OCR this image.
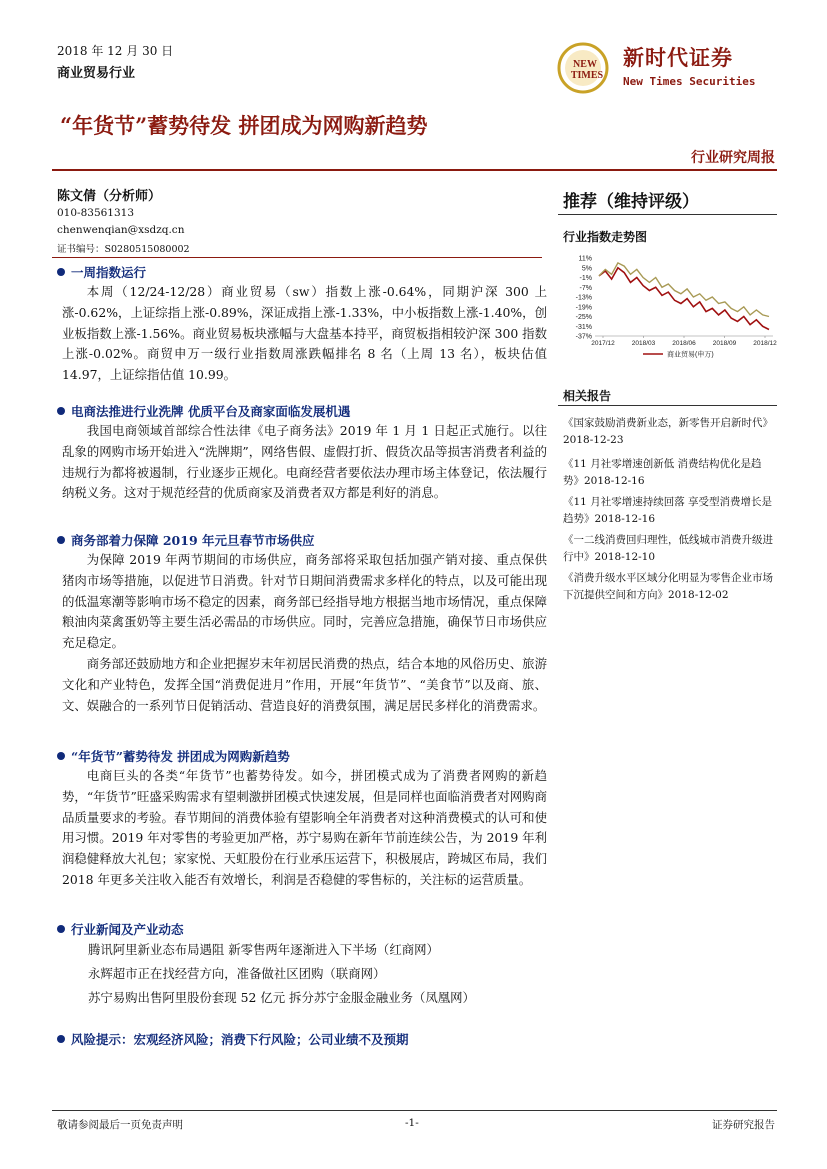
2018 年 12 月 30 日
商业贸易行业
NEW
TIMES
新时代证券
New Times Securities
“年货节”蓄势待发 拼团成为网购新趋势
行业研究周报
陈文倩（分析师）
010-83561313
chenwenqian@xsdzq.cn
证书编号：S0280515080002
一周指数运行

本周（12/24-12/28）商业贸易（sw）指数上涨-0.64%，同期沪深 300 上涨-0.62%，上证综指上涨-0.89%，深证成指上涨-1.33%，中小板指数上涨-1.40%，创业板指数上涨-1.56%。商业贸易板块涨幅与大盘基本持平，商贸板指相较沪深 300 指数上涨-0.02%。商贸申万一级行业指数周涨跌幅排名 8 名（上周 13 名），板块估值 14.97，上证综指估值 10.99。

电商法推进行业洗牌 优质平台及商家面临发展机遇

我国电商领域首部综合性法律《电子商务法》2019 年 1 月 1 日起正式施行。以往乱象的网购市场开始进入“洗牌期”，网络售假、虚假打折、假货次品等损害消费者利益的违规行为都将被遏制，行业逐步正规化。电商经营者要依法办理市场主体登记，依法履行纳税义务。这对于规范经营的优质商家及消费者双方都是利好的消息。

商务部着力保障 2019 年元旦春节市场供应

为保障 2019 年两节期间的市场供应，商务部将采取包括加强产销对接、重点保供猪肉市场等措施，以促进节日消费。针对节日期间消费需求多样化的特点，以及可能出现的低温寒潮等影响市场不稳定的因素，商务部已经指导地方根据当地市场情况，重点保障粮油肉菜禽蛋奶等主要生活必需品的市场供应。同时，完善应急措施，确保节日市场供应充足稳定。

商务部还鼓励地方和企业把握岁末年初居民消费的热点，结合本地的风俗历史、旅游文化和产业特色，发挥全国“消费促进月”作用，开展“年货节”、“美食节”以及商、旅、文、娱融合的一系列节日促销活动、营造良好的消费氛围，满足居民多样化的消费需求。

“年货节”蓄势待发 拼团成为网购新趋势

电商巨头的各类“年货节”也蓄势待发。如今，拼团模式成为了消费者网购的新趋势，“年货节”旺盛采购需求有望刺激拼团模式快速发展，但是同样也面临消费者对网购商品质量要求的考验。春节期间的消费体验有望影响全年消费者对这种消费模式的认可和使用习惯。2019 年对零售的考验更加严格，苏宁易购在新年节前连续公告，为 2019 年利润稳健释放大礼包；家家悦、天虹股份在行业承压运营下，积极展店，跨城区布局，我们 2018 年更多关注收入能否有效增长，利润是否稳健的零售标的，关注标的运营质量。

行业新闻及产业动态
腾讯阿里新业态布局遇阻 新零售两年逐渐进入下半场（红商网）
永辉超市正在找经营方向，准备做社区团购（联商网）
苏宁易购出售阿里股份套现 52 亿元 拆分苏宁金服金融业务（凤凰网）
风险提示：宏观经济风险；消费下行风险；公司业绩不及预期
推荐（维持评级）
行业指数走势图
11%
5%
-1%
-7%
-13%
-19%
-25%
-31%
-37%
2017/12	2018/03	2018/06	2018/09	2018/12
商业贸易(申万)
相关报告
《国家鼓励消费新业态，新零售开启新时代》2018-12-23
《11 月社零增速创新低 消费结构优化是趋势》2018-12-16
《11 月社零增速持续回落 享受型消费增长是趋势》2018-12-16
《一二线消费回归理性，低线城市消费升级进行中》2018-12-10
《消费升级水平区域分化明显为零售企业市场下沉提供空间和方向》2018-12-02
敬请参阅最后一页免责声明	-1-	证券研究报告
